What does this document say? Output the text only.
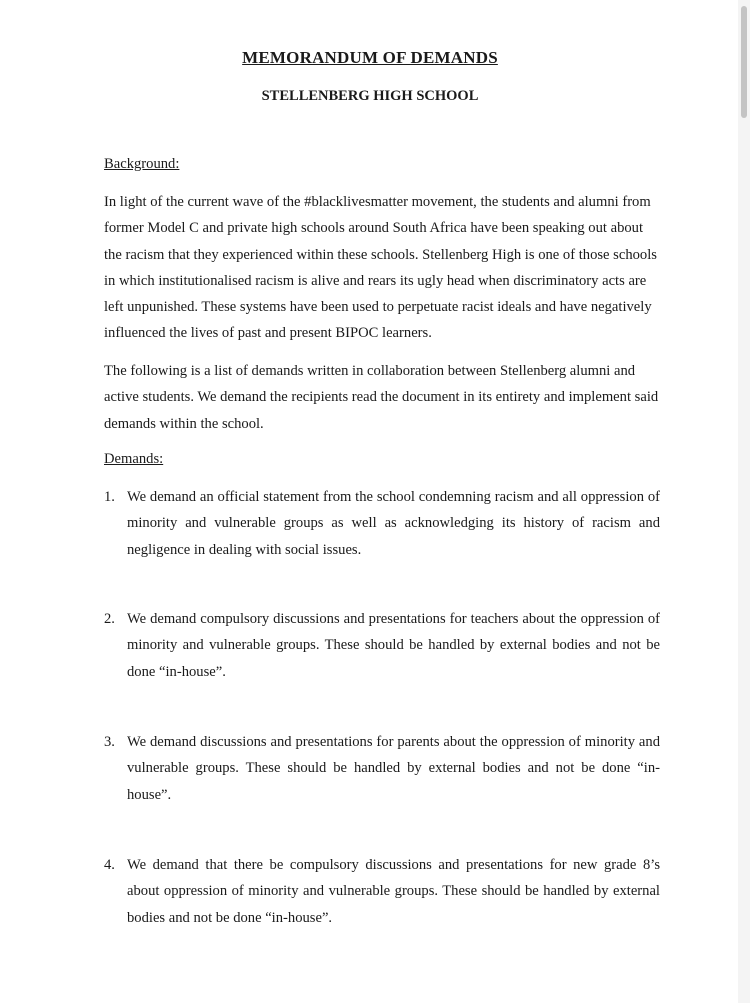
MEMORANDUM OF DEMANDS
STELLENBERG HIGH SCHOOL
Background:
In light of the current wave of the #blacklivesmatter movement, the students and alumni from former Model C and private high schools around South Africa have been speaking out about the racism that they experienced within these schools. Stellenberg High is one of those schools in which institutionalised racism is alive and rears its ugly head when discriminatory acts are left unpunished. These systems have been used to perpetuate racist ideals and have negatively influenced the lives of past and present BIPOC learners.
The following is a list of demands written in collaboration between Stellenberg alumni and active students. We demand the recipients read the document in its entirety and implement said demands within the school.
Demands:
1. We demand an official statement from the school condemning racism and all oppression of minority and vulnerable groups as well as acknowledging its history of racism and negligence in dealing with social issues.
2. We demand compulsory discussions and presentations for teachers about the oppression of minority and vulnerable groups. These should be handled by external bodies and not be done “in-house”.
3. We demand discussions and presentations for parents about the oppression of minority and vulnerable groups. These should be handled by external bodies and not be done “in-house”.
4. We demand that there be compulsory discussions and presentations for new grade 8’s about oppression of minority and vulnerable groups. These should be handled by external bodies and not be done “in-house”.
